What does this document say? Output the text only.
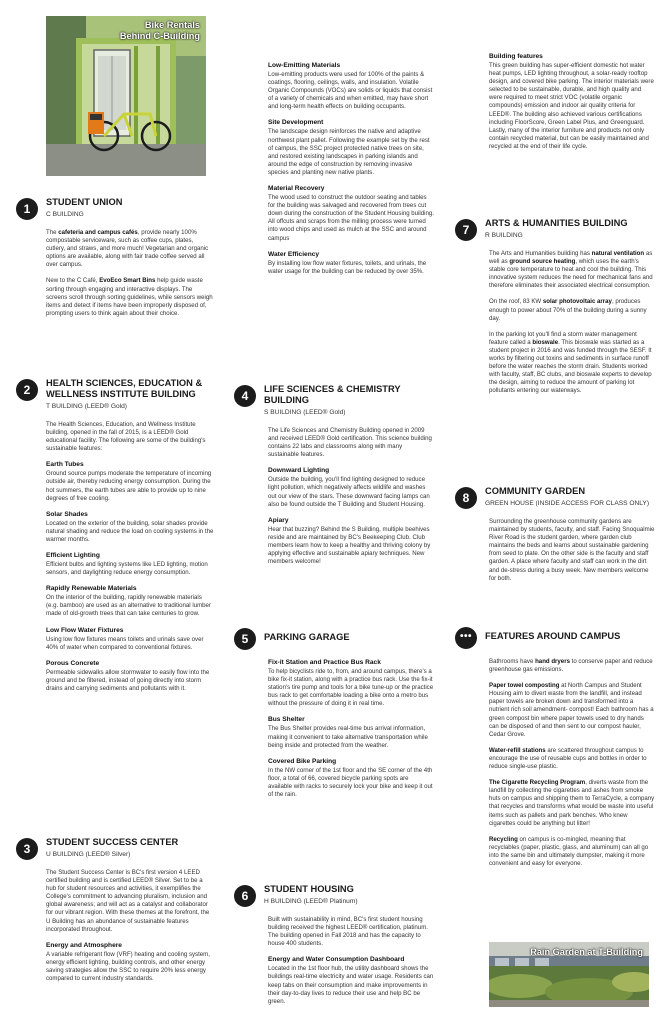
Bike Rentals
Behind C-Building
1	STUDENT UNION
C BUILDING

The cafeteria and campus cafés, provide nearly 100% compostable serviceware, such as coffee cups, plates, cutlery, and straws, and more much! Vegetarian and organic options are available, along with fair trade coffee served all over campus.

New to the C Café, EvoEco Smart Bins help guide waste sorting through engaging and interactive displays. The screens scroll through sorting guidelines, while sensors weigh items and detect if items have been improperly disposed of, prompting users to think again about their choice.

2	HEALTH SCIENCES, EDUCATION & WELLNESS INSTITUTE BUILDING
T BUILDING (LEED® Gold)

The Health Sciences, Education, and Wellness Institute building, opened in the fall of 2015, is a LEED® Gold educational facility. The following are some of the building's sustainable features:

Earth Tubes

Ground source pumps moderate the temperature of incoming outside air, thereby reducing energy consumption. During the hot summers, the earth tubes are able to provide up to nine degrees of free cooling.

Solar Shades

Located on the exterior of the building, solar shades provide natural shading and reduce the load on cooling systems in the warmer months.

Efficient Lighting

Efficient bulbs and lighting systems like LED lighting, motion sensors, and daylighting reduce energy consumption.

Rapidly Renewable Materials

On the interior of the building, rapidly renewable materials (e.g. bamboo) are used as an alternative to traditional lumber made of old-growth trees that can take centuries to grow.

Low Flow Water Fixtures

Using low flow fixtures means toilets and urinals save over 40% of water when compared to conventional fixtures.

Porous Concrete

Permeable sidewalks allow stormwater to easily flow into the ground and be filtered, instead of going directly into storm drains and carrying sediments and pollutants with it.

3	STUDENT SUCCESS CENTER
U BUILDING (LEED® Silver)

The Student Success Center is BC's first version 4 LEED certified building and is certified LEED® Silver. Set to be a hub for student resources and activities, it exemplifies the College's commitment to advancing pluralism, inclusion and global awareness; and will act as a catalyst and collaborator for our vibrant region. With these themes at the forefront, the U Building has an abundance of sustainable features incorporated throughout.

Energy and Atmosphere

A variable refrigerant flow (VRF) heating and cooling system, energy efficient lighting, building controls, and other energy saving strategies allow the SSC to require 20% less energy compared to current industry standards.

Low-Emitting Materials

Low-emitting products were used for 100% of the paints & coatings, flooring, ceilings, walls, and insulation. Volatile Organic Compounds (VOCs) are solids or liquids that consist of a variety of chemicals and when emitted, may have short and long-term health effects on building occupants.

Site Development

The landscape design reinforces the native and adaptive northwest plant pallet. Following the example set by the rest of campus, the SSC project protected native trees on site, and restored existing landscapes in parking islands and around the edge of construction by removing invasive species and planting new native plants.

Material Recovery

The wood used to construct the outdoor seating and tables for the building was salvaged and recovered from trees cut down during the construction of the Student Housing building. All offcuts and scraps from the milling process were turned into wood chips and used as mulch at the SSC and around campus

Water Efficiency

By installing low flow water fixtures, toilets, and urinals, the water usage for the building can be reduced by over 35%.

4	LIFE SCIENCES & CHEMISTRY BUILDING
S BUILDING (LEED® Gold)

The Life Sciences and Chemistry Building opened in 2009 and received LEED® Gold certification. This science building contains 22 labs and classrooms along with many sustainable features.

Downward Lighting

Outside the building, you'll find lighting designed to reduce light pollution, which negatively affects wildlife and washes out our view of the stars. These downward facing lamps can also be found outside the T Building and Student Housing.

Apiary

Hear that buzzing? Behind the S Building, multiple beehives reside and are maintained by BC's Beekeeping Club. Club members learn how to keep a healthy and thriving colony by applying effective and sustainable apiary techniques. New members welcome!

5	PARKING GARAGE
Fix-it Station and Practice Bus Rack

To help bicyclists ride to, from, and around campus, there's a bike fix-it station, along with a practice bus rack. Use the fix-it station's tire pump and tools for a bike tune-up or the practice bus rack to get comfortable loading a bike onto a metro bus without the pressure of doing it in real time.

Bus Shelter

The Bus Shelter provides real-time bus arrival information, making it convenient to take alternative transportation while being inside and protected from the weather.

Covered Bike Parking

In the NW corner of the 1st floor and the SE corner of the 4th floor, a total of 66, covered bicycle parking spots are available with racks to securely lock your bike and keep it out of the rain.

6	STUDENT HOUSING
H BUILDING (LEED® Platinum)

Built with sustainability in mind, BC's first student housing building received the highest LEED® certification, platinum. The building opened in Fall 2018 and has the capacity to house 400 students.

Energy and Water Consumption Dashboard

Located in the 1st floor hub, the utility dashboard shows the buildings real-time electricity and water usage. Residents can keep tabs on their consumption and make improvements in their day-to-day lives to reduce their use and help BC be green.

Building features

This green building has super-efficient domestic hot water heat pumps, LED lighting throughout, a solar-ready rooftop design, and covered bike parking. The interior materials were selected to be sustainable, durable, and high quality and were required to meet strict VOC (volatile organic compounds) emission and indoor air quality criteria for LEED®. The building also achieved various certifications including FloorScore, Green Label Plus, and Greenguard. Lastly, many of the interior furniture and products not only contain recycled material, but can be easily maintained and recycled at the end of their life cycle.

7	ARTS & HUMANITIES BUILDING
R BUILDING

The Arts and Humanities building has natural ventilation as well as ground source heating, which uses the earth's stable core temperature to heat and cool the building. This innovative system reduces the need for mechanical fans and therefore eliminates their associated electrical consumption.

On the roof, 83 KW solar photovoltaic array, produces enough to power about 70% of the building during a sunny day.

In the parking lot you'll find a storm water management feature called a bioswale. This bioswale was started as a student project in 2016 and was funded through the SESF. It works by filtering out toxins and sediments in surface runoff before the water reaches the storm drain. Students worked with faculty, staff, BC clubs, and bioswale experts to develop the design, aiming to reduce the amount of parking lot pollutants entering our waterways.

8	COMMUNITY GARDEN
GREEN HOUSE (INSIDE ACCESS FOR CLASS ONLY)

Surrounding the greenhouse community gardens are maintained by students, faculty, and staff. Facing Snoqualmie River Road is the student garden, where garden club maintains the beds and learns about sustainable gardening from seed to plate. On the other side is the faculty and staff garden. A place where faculty and staff can work in the dirt and de-stress during a busy week. New members welcome for both.

•••	FEATURES AROUND CAMPUS

Bathrooms have hand dryers to conserve paper and reduce greenhouse gas emissions.

Paper towel composting at North Campus and Student Housing aim to divert waste from the landfill, and instead paper towels are broken down and transformed into a nutrient rich soil amendment- compost! Each bathroom has a green compost bin where paper towels used to dry hands can be disposed of and then sent to our compost hauler, Cedar Grove.

Water-refill stations are scattered throughout campus to encourage the use of reusable cups and bottles in order to reduce single-use plastic.

The Cigarette Recycling Program, diverts waste from the landfill by collecting the cigarettes and ashes from smoke huts on campus and shipping them to TerraCycle, a company that recycles and transforms what would be waste into useful items such as pallets and park benches. Who knew cigarettes could be anything but litter!

Recycling on campus is co-mingled, meaning that recyclables (paper, plastic, glass, and aluminum) can all go into the same bin and ultimately dumpster, making it more convenient and easy for everyone.

Rain Garden at T-Building
